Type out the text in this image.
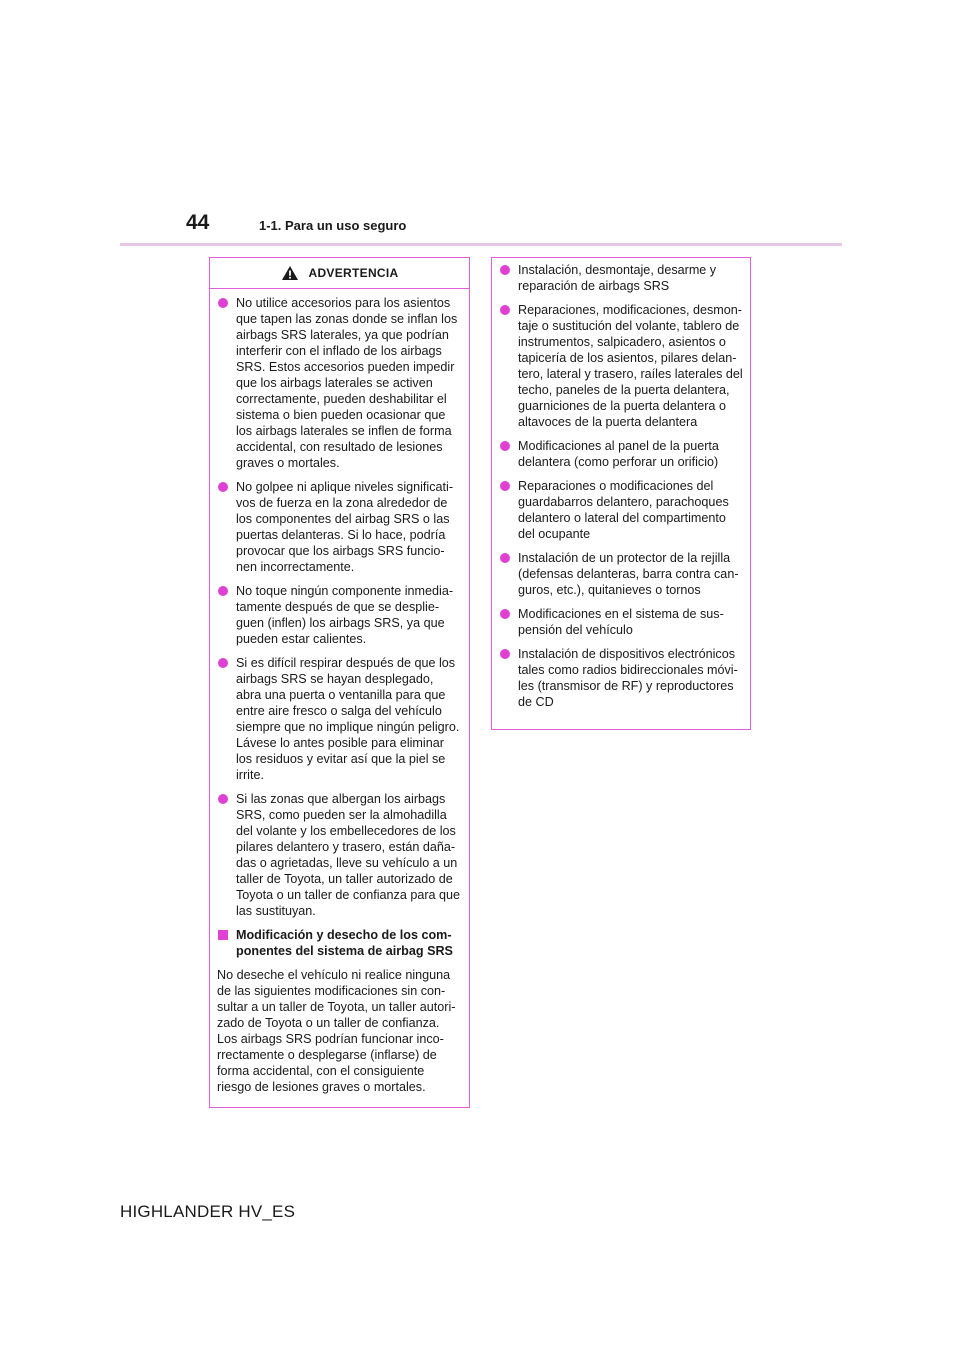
44	1-1. Para un uso seguro
ADVERTENCIA
No utilice accesorios para los asientos
que tapen las zonas donde se inflan los
airbags SRS laterales, ya que podrían
interferir con el inflado de los airbags
SRS. Estos accesorios pueden impedir
que los airbags laterales se activen
correctamente, pueden deshabilitar el
sistema o bien pueden ocasionar que
los airbags laterales se inflen de forma
accidental, con resultado de lesiones
graves o mortales.
No golpee ni aplique niveles significati-
vos de fuerza en la zona alrededor de
los componentes del airbag SRS o las
puertas delanteras. Si lo hace, podría
provocar que los airbags SRS funcio-
nen incorrectamente.
No toque ningún componente inmedia-
tamente después de que se desplie-
guen (inflen) los airbags SRS, ya que
pueden estar calientes.
Si es difícil respirar después de que los
airbags SRS se hayan desplegado,
abra una puerta o ventanilla para que
entre aire fresco o salga del vehículo
siempre que no implique ningún peligro.
Lávese lo antes posible para eliminar
los residuos y evitar así que la piel se
irrite.
Si las zonas que albergan los airbags
SRS, como pueden ser la almohadilla
del volante y los embellecedores de los
pilares delantero y trasero, están daña-
das o agrietadas, lleve su vehículo a un
taller de Toyota, un taller autorizado de
Toyota o un taller de confianza para que
las sustituyan.
Modificación y desecho de los com-
ponentes del sistema de airbag SRS
No deseche el vehículo ni realice ninguna
de las siguientes modificaciones sin con-
sultar a un taller de Toyota, un taller autori-
zado de Toyota o un taller de confianza.
Los airbags SRS podrían funcionar inco-
rrectamente o desplegarse (inflarse) de
forma accidental, con el consiguiente
riesgo de lesiones graves o mortales.
Instalación, desmontaje, desarme y
reparación de airbags SRS
Reparaciones, modificaciones, desmon-
taje o sustitución del volante, tablero de
instrumentos, salpicadero, asientos o
tapicería de los asientos, pilares delan-
tero, lateral y trasero, raíles laterales del
techo, paneles de la puerta delantera,
guarniciones de la puerta delantera o
altavoces de la puerta delantera
Modificaciones al panel de la puerta
delantera (como perforar un orificio)
Reparaciones o modificaciones del
guardabarros delantero, parachoques
delantero o lateral del compartimento
del ocupante
Instalación de un protector de la rejilla
(defensas delanteras, barra contra can-
guros, etc.), quitanieves o tornos
Modificaciones en el sistema de sus-
pensión del vehículo
Instalación de dispositivos electrónicos
tales como radios bidireccionales móvi-
les (transmisor de RF) y reproductores
de CD
HIGHLANDER HV_ES
